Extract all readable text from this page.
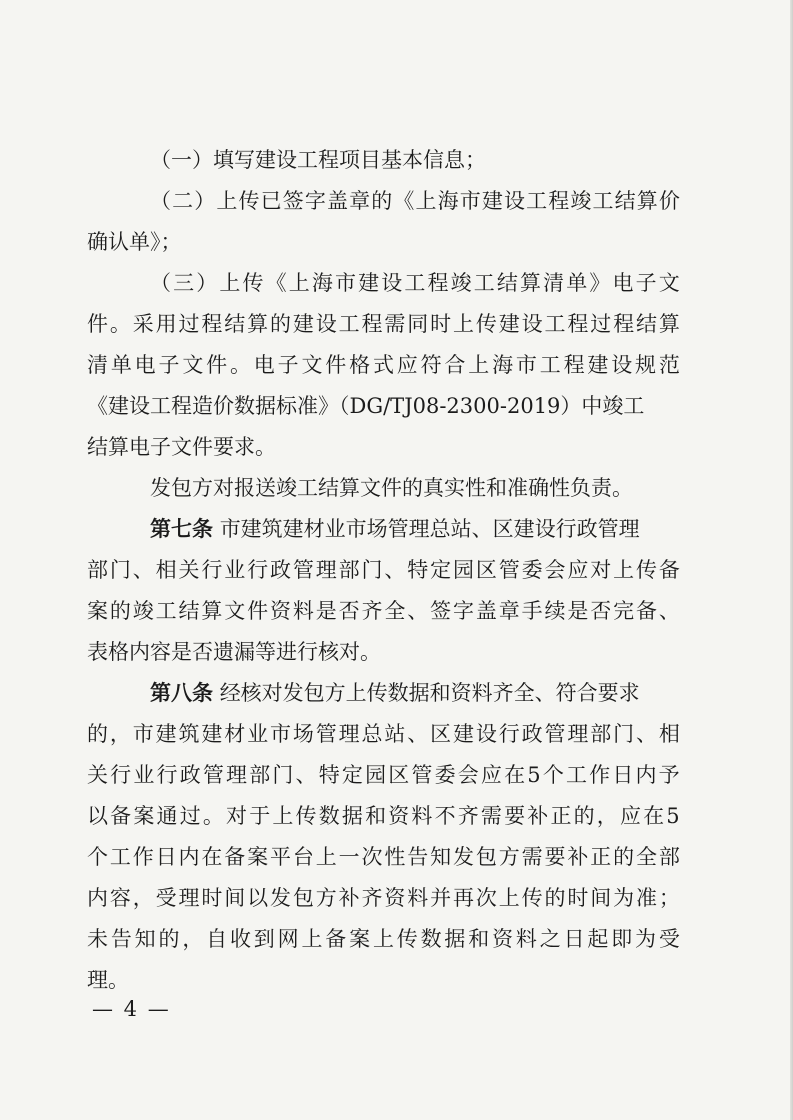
（一）填写建设工程项目基本信息；
（ 二 ） 上 传 已 签 字 盖 章 的 《 上 海 市 建 设 工 程 竣 工 结 算 价
确认单》；
（ 三 ） 上 传 《 上 海 市 建 设 工 程 竣 工 结 算 清 单 》 电 子 文
件 。 采 用 过 程 结 算 的 建 设 工 程 需 同 时 上 传 建 设 工 程 过 程 结 算
清 单 电 子 文 件 。 电 子 文 件 格 式 应 符 合 上 海 市 工 程 建 设 规 范
《建设工程造价数据标准》（DG/TJ08-2300-2019）中竣工
结算电子文件要求。
发包方对报送竣工结算文件的真实性和准确性负责。
第七条 市建筑建材业市场管理总站、区建设行政管理
部 门 、 相 关 行 业 行 政 管 理 部 门 、 特 定 园 区 管 委 会 应 对 上 传 备
案 的 竣 工 结 算 文 件 资 料 是 否 齐 全 、 签 字 盖 章 手 续 是 否 完 备 、
表格内容是否遗漏等进行核对。
第八条 经核对发包方上传数据和资料齐全、符合要求
的 ， 市 建 筑 建 材 业 市 场 管 理 总 站 、 区 建 设 行 政 管 理 部 门 、 相
关 行 业 行 政 管 理 部 门 、 特 定 园 区 管 委 会 应 在 5 个 工 作 日 内 予
以 备 案 通 过 。 对 于 上 传 数 据 和 资 料 不 齐 需 要 补 正 的 ， 应 在 5
个 工 作 日 内 在 备 案 平 台 上 一 次 性 告 知 发 包 方 需 要 补 正 的 全 部
内 容 ， 受 理 时 间 以 发 包 方 补 齐 资 料 并 再 次 上 传 的 时 间 为 准 ；
未 告 知 的 ， 自 收 到 网 上 备 案 上 传 数 据 和 资 料 之 日 起 即 为 受
理。
— 4 —
